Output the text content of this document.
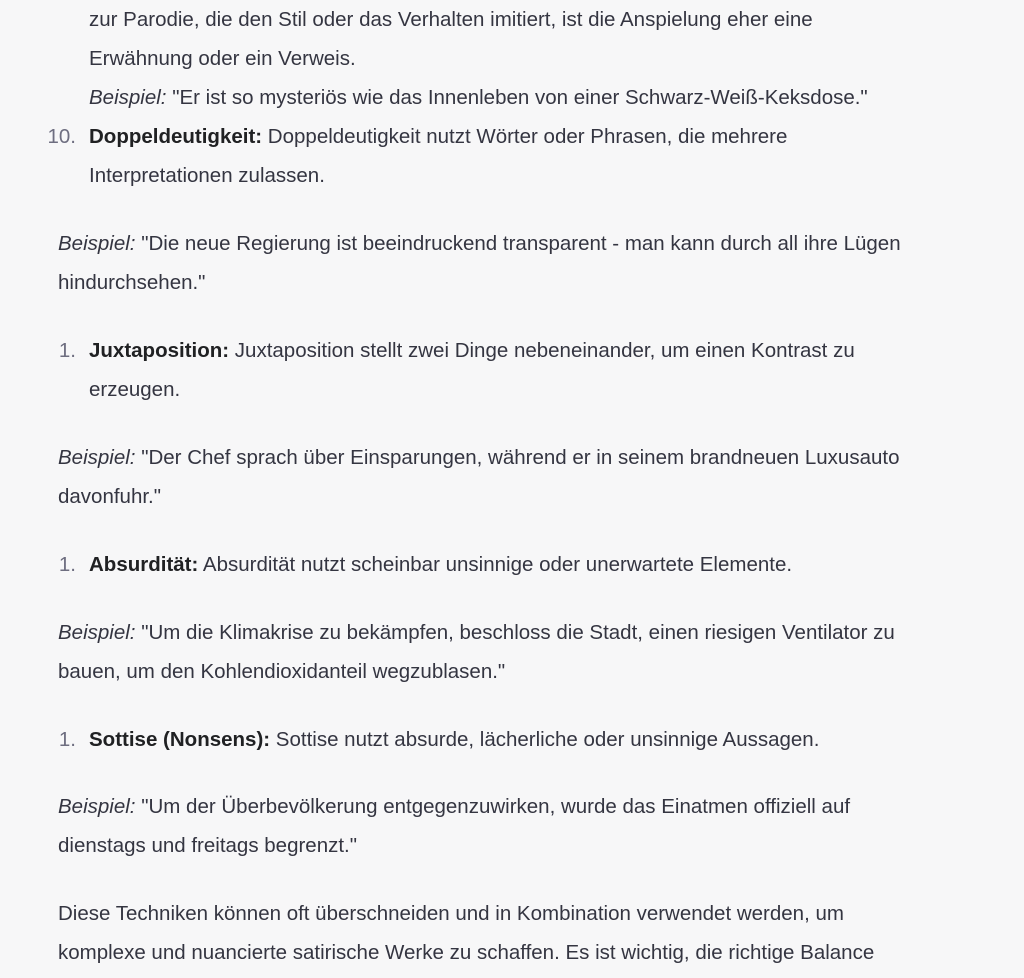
zur Parodie, die den Stil oder das Verhalten imitiert, ist die Anspielung eher eine
Erwähnung oder ein Verweis.
Beispiel: "Er ist so mysteriös wie das Innenleben von einer Schwarz-Weiß-Keksdose."
10. Doppeldeutigkeit: Doppeldeutigkeit nutzt Wörter oder Phrasen, die mehrere
Interpretationen zulassen.
Beispiel: "Die neue Regierung ist beeindruckend transparent - man kann durch all ihre Lügen
hindurchsehen."
1. Juxtaposition: Juxtaposition stellt zwei Dinge nebeneinander, um einen Kontrast zu
erzeugen.
Beispiel: "Der Chef sprach über Einsparungen, während er in seinem brandneuen Luxusauto
davonfuhr."
1. Absurdität: Absurdität nutzt scheinbar unsinnige oder unerwartete Elemente.
Beispiel: "Um die Klimakrise zu bekämpfen, beschloss die Stadt, einen riesigen Ventilator zu
bauen, um den Kohlendioxidanteil wegzublasen."
1. Sottise (Nonsens): Sottise nutzt absurde, lächerliche oder unsinnige Aussagen.
Beispiel: "Um der Überbevölkerung entgegenzuwirken, wurde das Einatmen offiziell auf
dienstags und freitags begrenzt."
Diese Techniken können oft überschneiden und in Kombination verwendet werden, um
komplexe und nuancierte satirische Werke zu schaffen. Es ist wichtig, die richtige Balance
